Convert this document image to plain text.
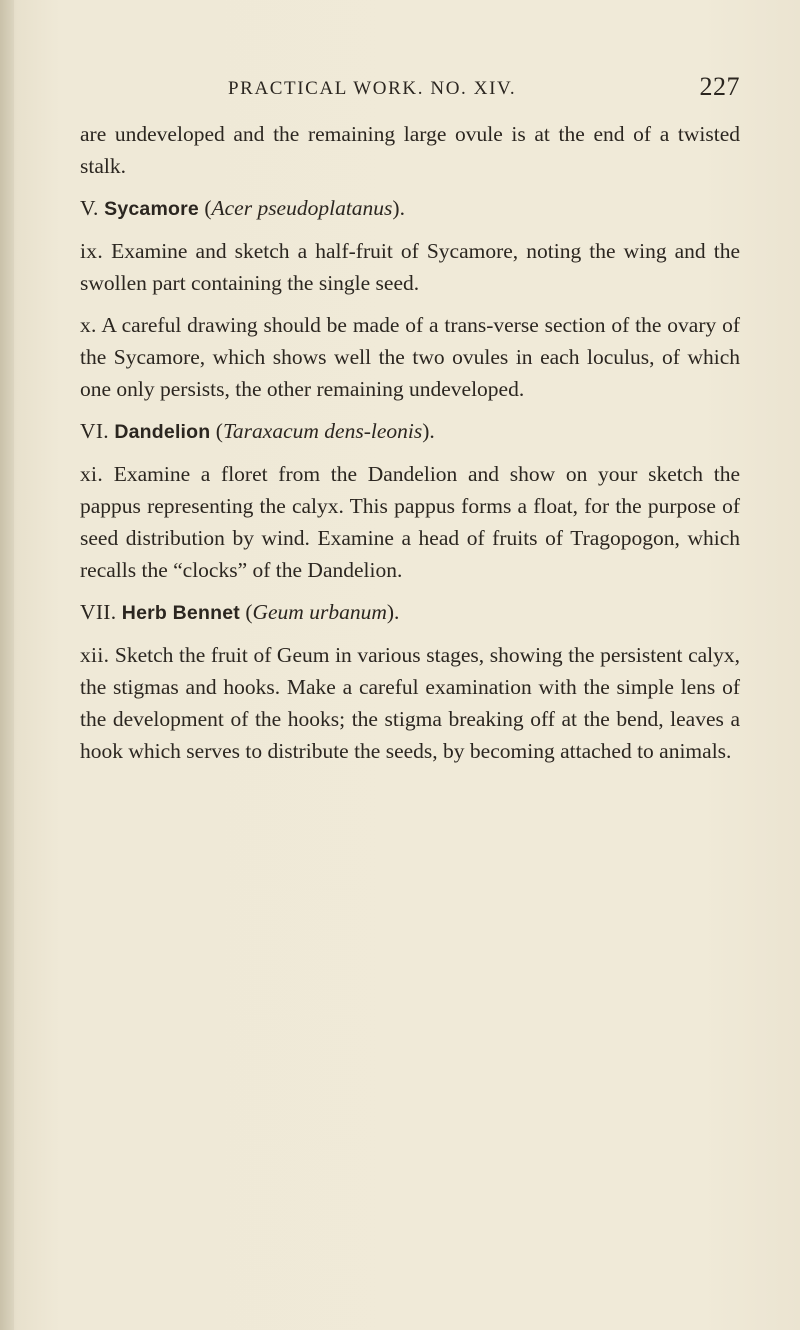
PRACTICAL WORK. NO. XIV.	227

are undeveloped and the remaining large ovule is at the end of a twisted stalk.

V. Sycamore (Acer pseudoplatanus).

ix. Examine and sketch a half-fruit of Sycamore, noting the wing and the swollen part containing the single seed.

x. A careful drawing should be made of a trans-verse section of the ovary of the Sycamore, which shows well the two ovules in each loculus, of which one only persists, the other remaining undeveloped.

VI. Dandelion (Taraxacum dens-leonis).

xi. Examine a floret from the Dandelion and show on your sketch the pappus representing the calyx. This pappus forms a float, for the purpose of seed distribution by wind. Examine a head of fruits of Tragopogon, which recalls the “clocks” of the Dandelion.

VII. Herb Bennet (Geum urbanum).

xii. Sketch the fruit of Geum in various stages, showing the persistent calyx, the stigmas and hooks. Make a careful examination with the simple lens of the development of the hooks; the stigma breaking off at the bend, leaves a hook which serves to distribute the seeds, by becoming attached to animals.
